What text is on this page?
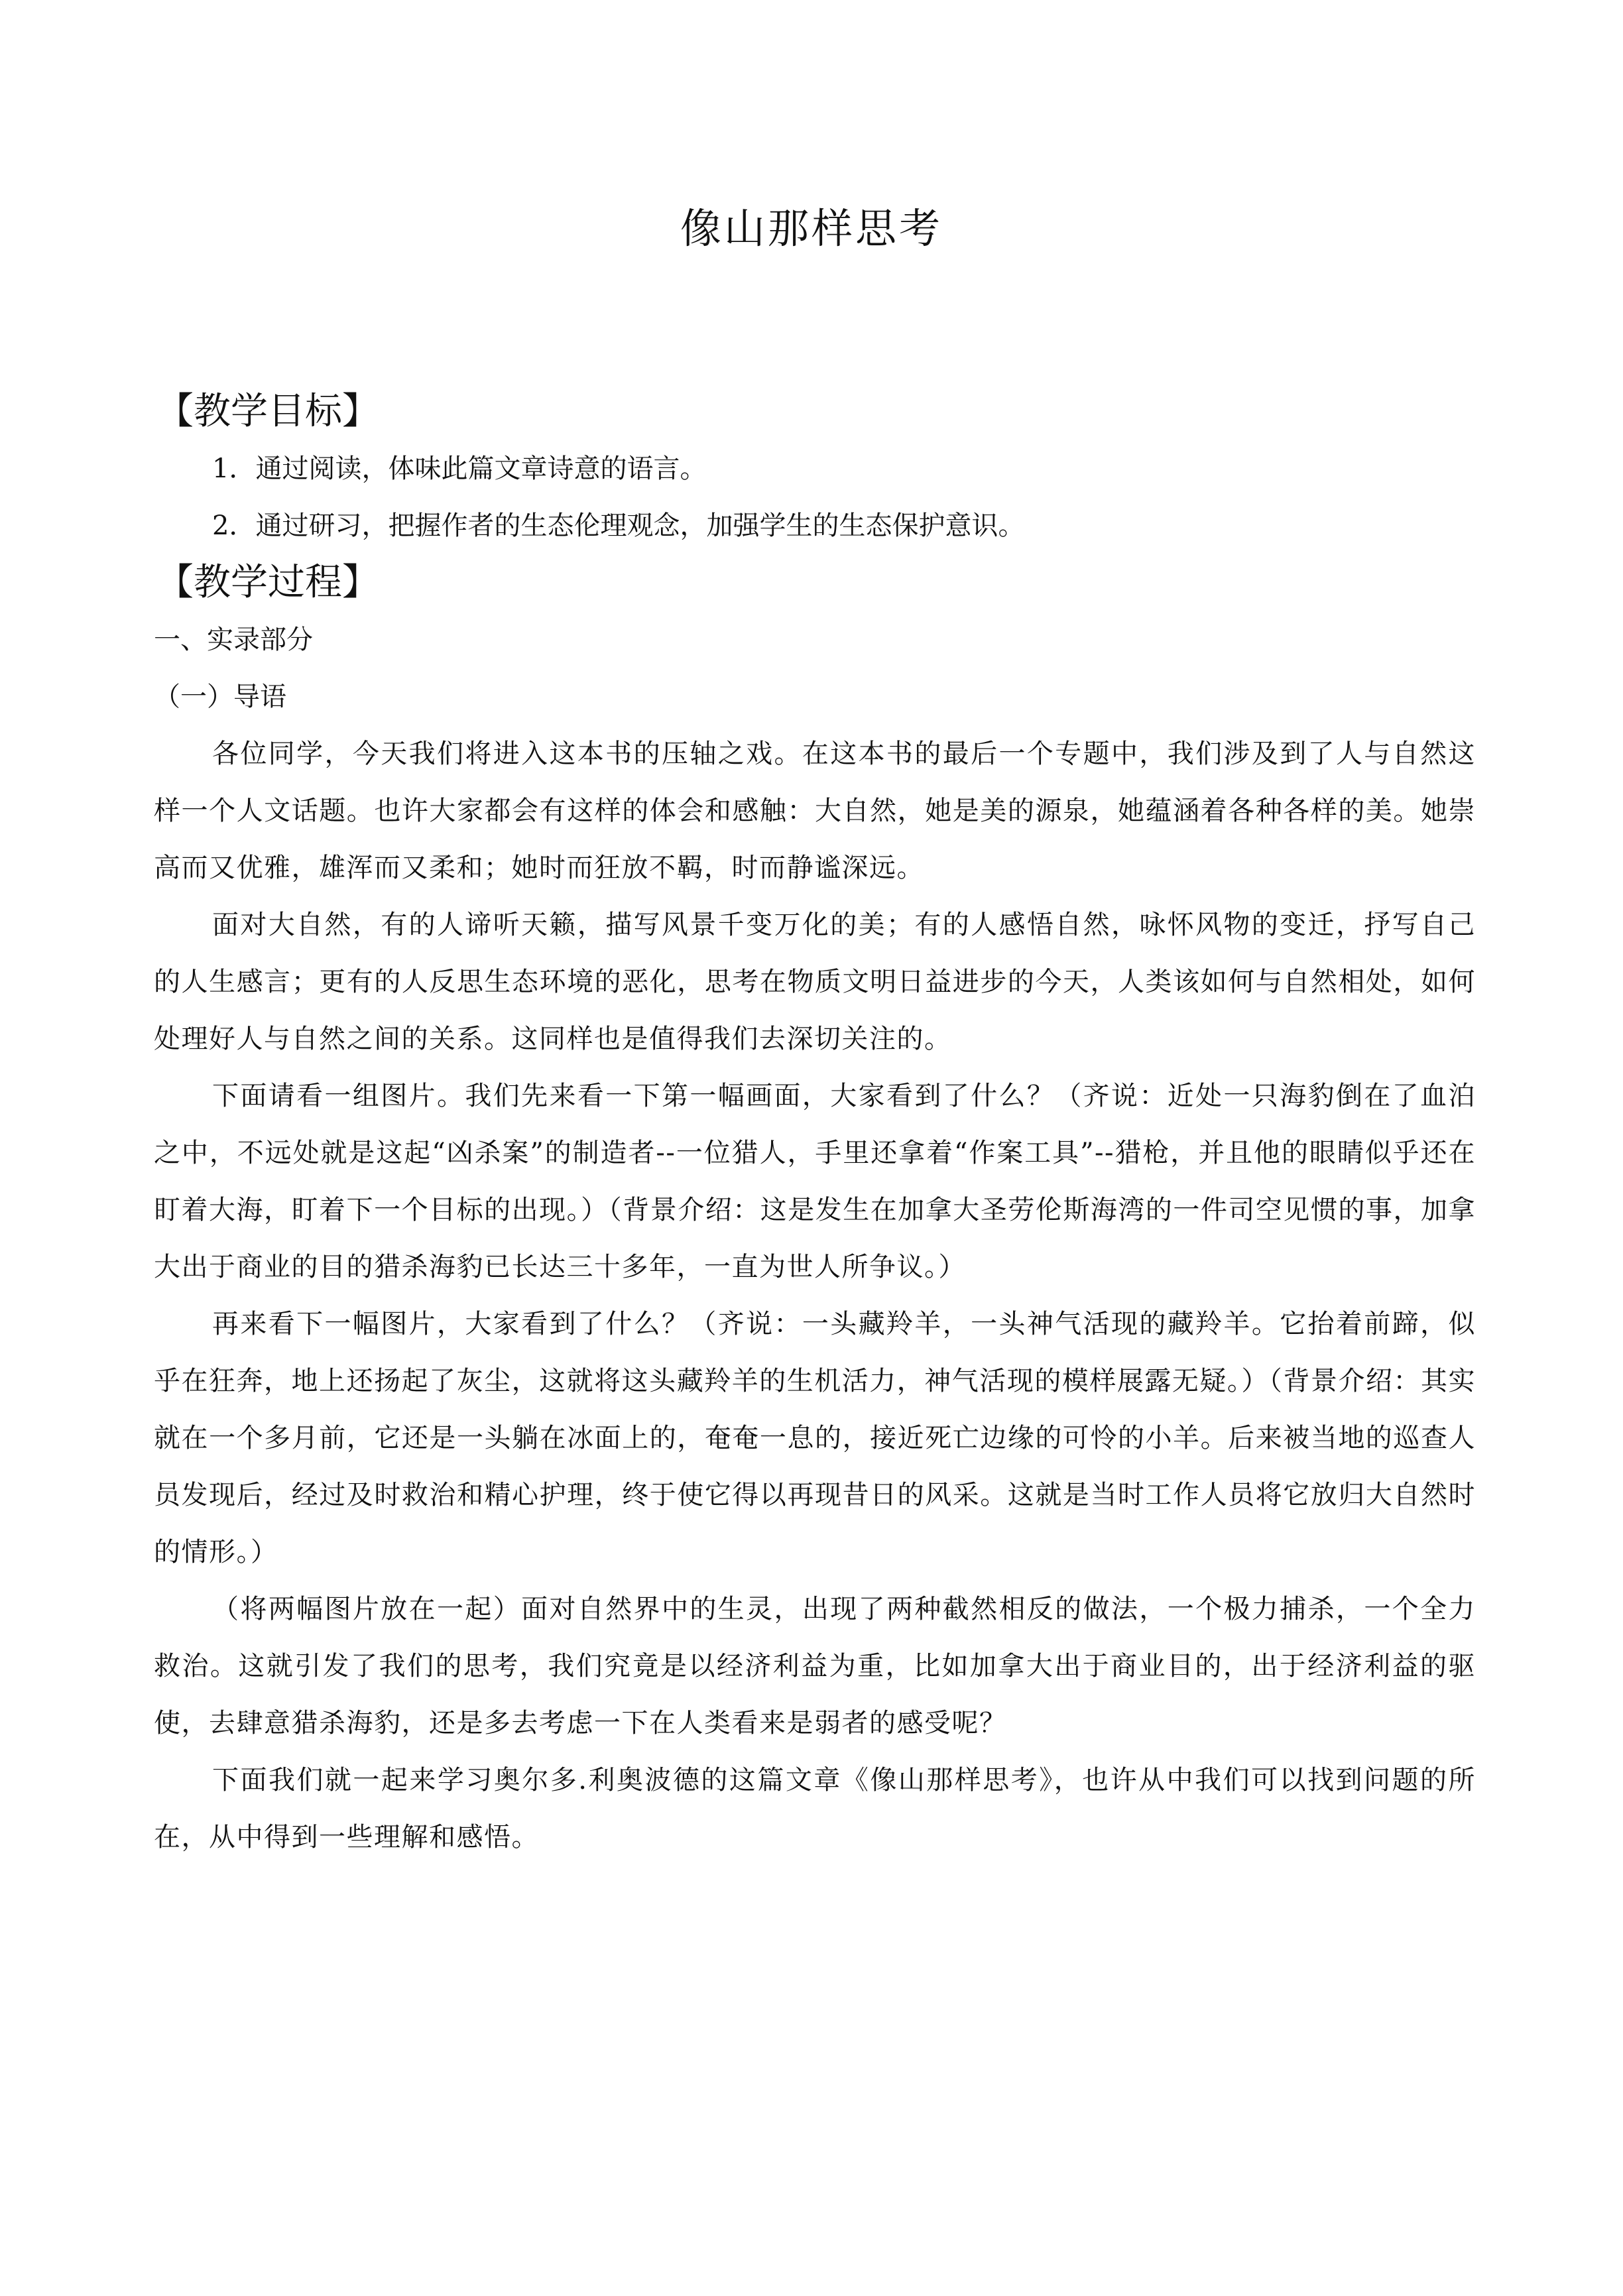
像山那样思考
【教学目标】
1．通过阅读，体味此篇文章诗意的语言。
2．通过研习，把握作者的生态伦理观念，加强学生的生态保护意识。
【教学过程】
一、实录部分
（一）导语

各位同学，今天我们将进入这本书的压轴之戏。在这本书的最后一个专题中，我们涉及到了人与自然这样一个人文话题。也许大家都会有这样的体会和感触：大自然，她是美的源泉，她蕴涵着各种各样的美。她崇高而又优雅，雄浑而又柔和；她时而狂放不羁，时而静谧深远。

面对大自然，有的人谛听天籁，描写风景千变万化的美；有的人感悟自然，咏怀风物的变迁，抒写自己的人生感言；更有的人反思生态环境的恶化，思考在物质文明日益进步的今天，人类该如何与自然相处，如何处理好人与自然之间的关系。这同样也是值得我们去深切关注的。

下面请看一组图片。我们先来看一下第一幅画面，大家看到了什么？（齐说：近处一只海豹倒在了血泊之中，不远处就是这起“凶杀案”的制造者--一位猎人，手里还拿着“作案工具”--猎枪，并且他的眼睛似乎还在盯着大海，盯着下一个目标的出现。）（背景介绍：这是发生在加拿大圣劳伦斯海湾的一件司空见惯的事，加拿大出于商业的目的猎杀海豹已长达三十多年，一直为世人所争议。）

再来看下一幅图片，大家看到了什么？（齐说：一头藏羚羊，一头神气活现的藏羚羊。它抬着前蹄，似乎在狂奔，地上还扬起了灰尘，这就将这头藏羚羊的生机活力，神气活现的模样展露无疑。）（背景介绍：其实就在一个多月前，它还是一头躺在冰面上的，奄奄一息的，接近死亡边缘的可怜的小羊。后来被当地的巡查人员发现后，经过及时救治和精心护理，终于使它得以再现昔日的风采。这就是当时工作人员将它放归大自然时的情形。）

（将两幅图片放在一起）面对自然界中的生灵，出现了两种截然相反的做法，一个极力捕杀，一个全力救治。这就引发了我们的思考，我们究竟是以经济利益为重，比如加拿大出于商业目的，出于经济利益的驱使，去肆意猎杀海豹，还是多去考虑一下在人类看来是弱者的感受呢？

下面我们就一起来学习奥尔多.利奥波德的这篇文章《像山那样思考》，也许从中我们可以找到问题的所在，从中得到一些理解和感悟。
